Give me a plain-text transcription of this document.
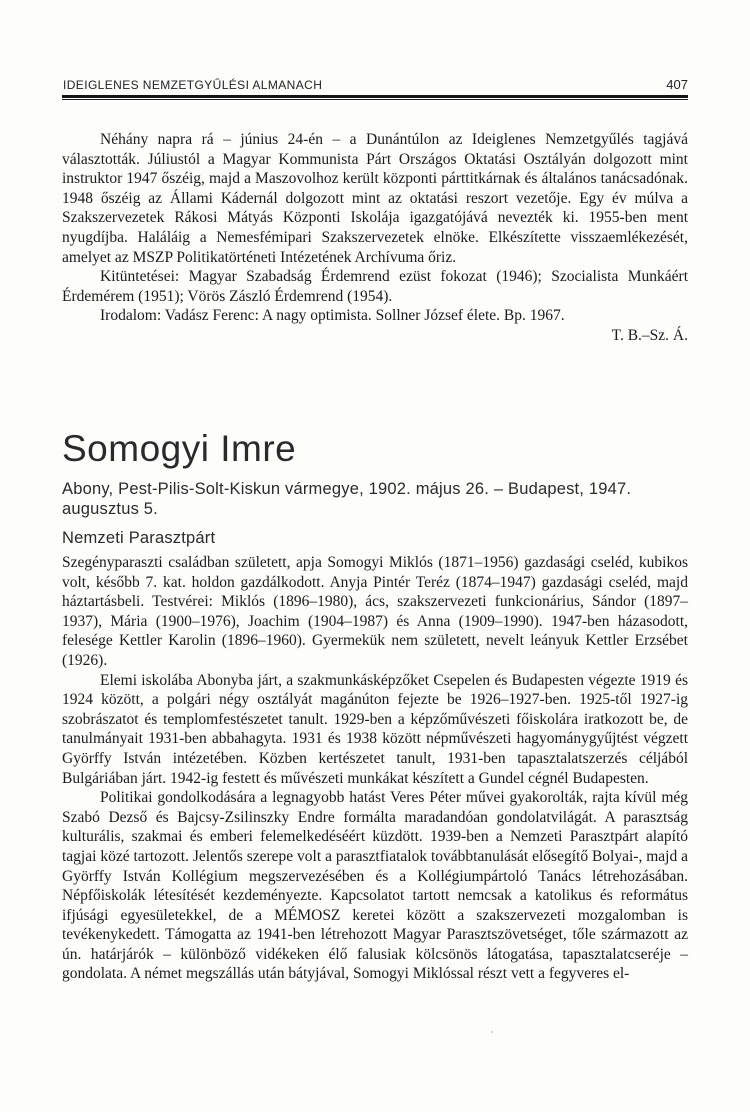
IDEIGLENES NEMZETGYŰLÉSI ALMANACH	407

Néhány napra rá – június 24-én – a Dunántúlon az Ideiglenes Nemzetgyűlés tagjává választották. Júliustól a Magyar Kommunista Párt Országos Oktatási Osztályán dolgozott mint instruktor 1947 őszéig, majd a Maszovolhoz került központi párttitkárnak és általános tanácsadónak. 1948 őszéig az Állami Kádernál dolgozott mint az oktatási reszort vezetője. Egy év múlva a Szakszervezetek Rákosi Mátyás Központi Iskolája igazgatójává nevezték ki. 1955-ben ment nyugdíjba. Haláláig a Nemesfémipari Szakszervezetek elnöke. Elkészítette visszaemlékezését, amelyet az MSZP Politikatörténeti Intézetének Archívuma őriz.

Kitüntetései: Magyar Szabadság Érdemrend ezüst fokozat (1946); Szocialista Munkáért Érdemérem (1951); Vörös Zászló Érdemrend (1954).

Irodalom: Vadász Ferenc: A nagy optimista. Sollner József élete. Bp. 1967.

T. B.–Sz. Á.

Somogyi Imre

Abony, Pest-Pilis-Solt-Kiskun vármegye, 1902. május 26. – Budapest, 1947. augusztus 5.

Nemzeti Parasztpárt

Szegényparaszti családban született, apja Somogyi Miklós (1871–1956) gazdasági cseléd, kubikos volt, később 7. kat. holdon gazdálkodott. Anyja Pintér Teréz (1874–1947) gazdasági cseléd, majd háztartásbeli. Testvérei: Miklós (1896–1980), ács, szakszervezeti funkcionárius, Sándor (1897–1937), Mária (1900–1976), Joachim (1904–1987) és Anna (1909–1990). 1947-ben házasodott, felesége Kettler Karolin (1896–1960). Gyermekük nem született, nevelt leányuk Kettler Erzsébet (1926).

Elemi iskolába Abonyba járt, a szakmunkásképzőket Csepelen és Budapesten végezte 1919 és 1924 között, a polgári négy osztályát magánúton fejezte be 1926–1927-ben. 1925-től 1927-ig szobrászatot és templomfestészetet tanult. 1929-ben a képzőművészeti főiskolára iratkozott be, de tanulmányait 1931-ben abbahagyta. 1931 és 1938 között népművészeti hagyománygyűjtést végzett Györffy István intézetében. Közben kertészetet tanult, 1931-ben tapasztalatszerzés céljából Bulgáriában járt. 1942-ig festett és művészeti munkákat készített a Gundel cégnél Budapesten.

Politikai gondolkodására a legnagyobb hatást Veres Péter művei gyakorolták, rajta kívül még Szabó Dezső és Bajcsy-Zsilinszky Endre formálta maradandóan gondolatvilágát. A parasztság kulturális, szakmai és emberi felemelkedéséért küzdött. 1939-ben a Nemzeti Parasztpárt alapító tagjai közé tartozott. Jelentős szerepe volt a parasztfiatalok továbbtanulását elősegítő Bolyai-, majd a Györffy István Kollégium megszervezésében és a Kollégiumpártoló Tanács létrehozásában. Népfőiskolák létesítését kezdeményezte. Kapcsolatot tartott nemcsak a katolikus és református ifjúsági egyesületekkel, de a MÉMOSZ keretei között a szakszervezeti mozgalomban is tevékenykedett. Támogatta az 1941-ben létrehozott Magyar Parasztszövetséget, tőle származott az ún. határjárók – különböző vidékeken élő falusiak kölcsönös látogatása, tapasztalatcseréje – gondolata. A német megszállás után bátyjával, Somogyi Miklóssal részt vett a fegyveres el-
